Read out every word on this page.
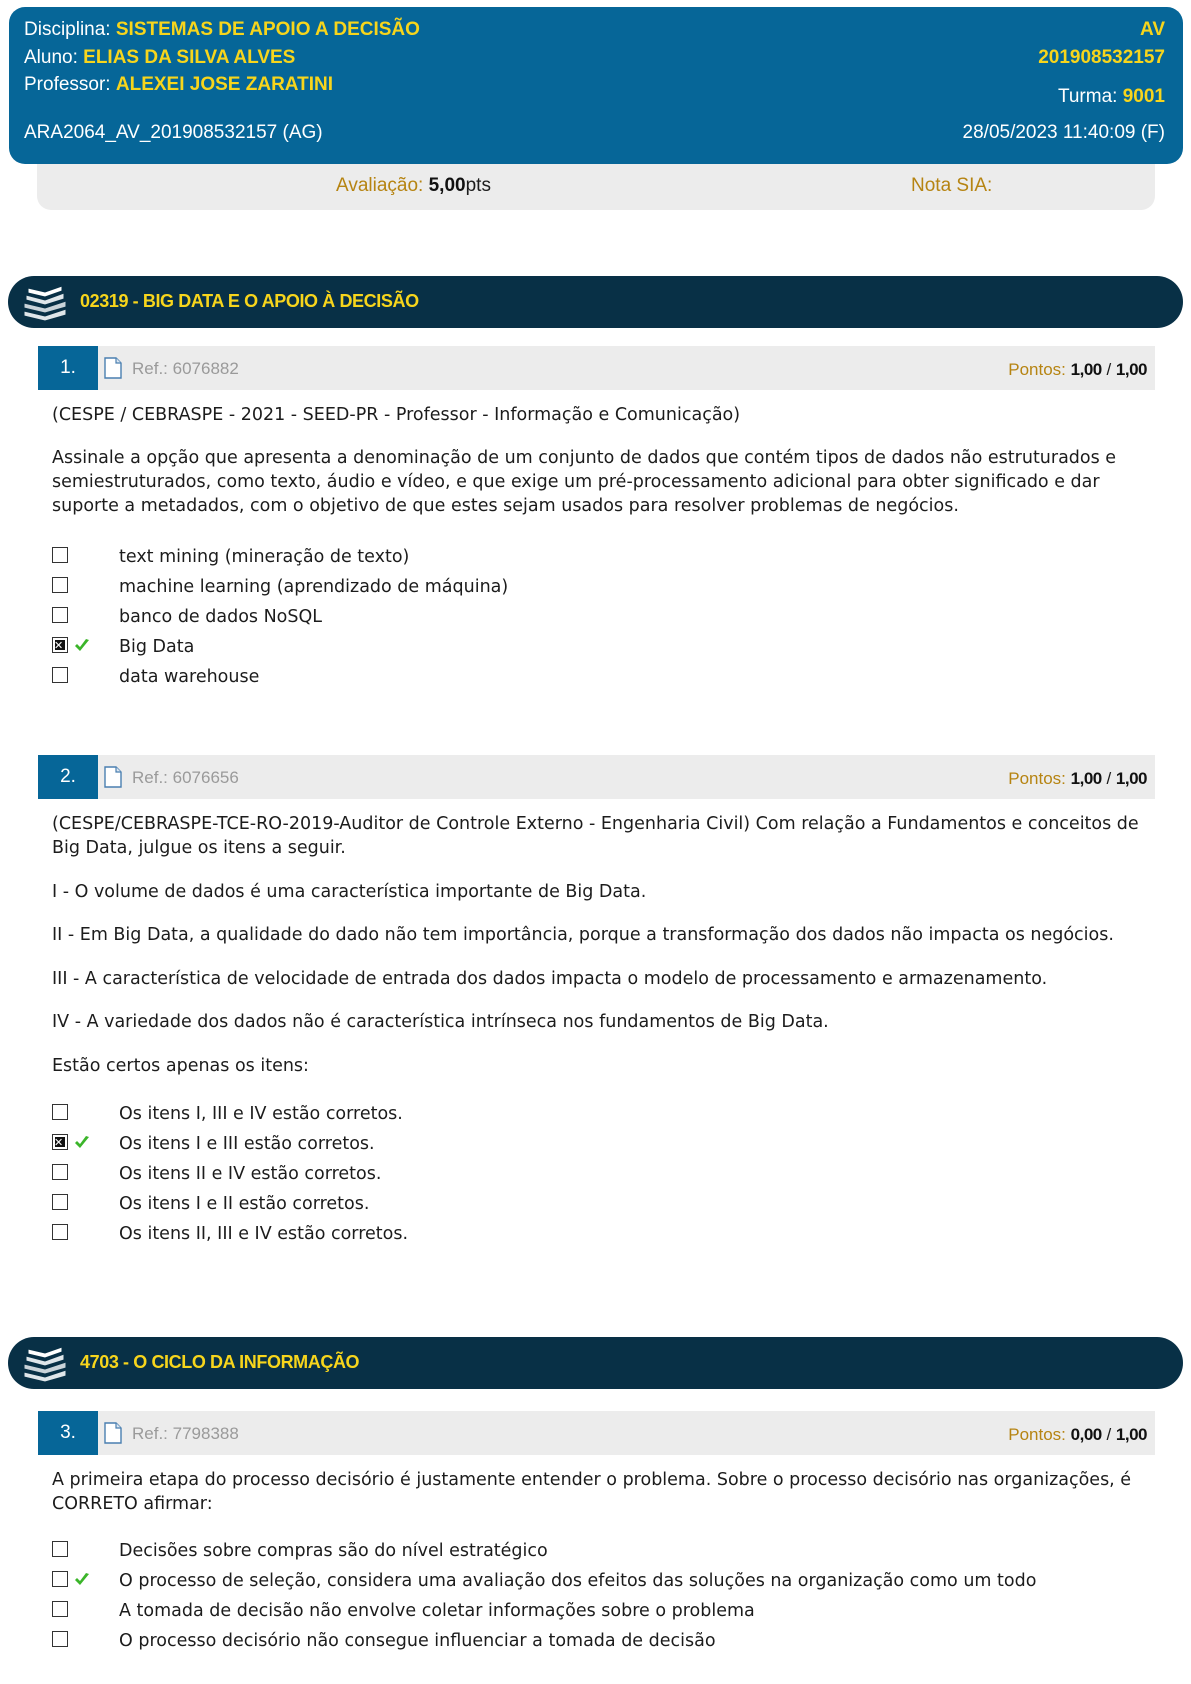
Disciplina: SISTEMAS DE APOIO A DECISÃO
Aluno: ELIAS DA SILVA ALVES
Professor: ALEXEI JOSE ZARATINI
ARA2064_AV_201908532157 (AG)
AV
201908532157
Turma: 9001
28/05/2023 11:40:09 (F)
Avaliação: 5,00pts	Nota SIA:
02319 - BIG DATA E O APOIO À DECISÃO
1.	Ref.: 6076882	Pontos: 1,00 / 1,00
(CESPE / CEBRASPE - 2021 - SEED-PR - Professor - Informação e Comunicação)
Assinale a opção que apresenta a denominação de um conjunto de dados que contém tipos de dados não estruturados e semiestruturados, como texto, áudio e vídeo, e que exige um pré-processamento adicional para obter significado e dar suporte a metadados, com o objetivo de que estes sejam usados para resolver problemas de negócios.
text mining (mineração de texto)
machine learning (aprendizado de máquina)
banco de dados NoSQL
✕
Big Data
data warehouse
2.	Ref.: 6076656	Pontos: 1,00 / 1,00
(CESPE/CEBRASPE-TCE-RO-2019-Auditor de Controle Externo - Engenharia Civil) Com relação a Fundamentos e conceitos de Big Data, julgue os itens a seguir.
I - O volume de dados é uma característica importante de Big Data.
II - Em Big Data, a qualidade do dado não tem importância, porque a transformação dos dados não impacta os negócios.
III - A característica de velocidade de entrada dos dados impacta o modelo de processamento e armazenamento.
IV - A variedade dos dados não é característica intrínseca nos fundamentos de Big Data.
Estão certos apenas os itens:
Os itens I, III e IV estão corretos.
✕
Os itens I e III estão corretos.
Os itens II e IV estão corretos.
Os itens I e II estão corretos.
Os itens II, III e IV estão corretos.
4703 - O CICLO DA INFORMAÇÃO
3.	Ref.: 7798388	Pontos: 0,00 / 1,00
A primeira etapa do processo decisório é justamente entender o problema. Sobre o processo decisório nas organizações, é CORRETO afirmar:
Decisões sobre compras são do nível estratégico
O processo de seleção, considera uma avaliação dos efeitos das soluções na organização como um todo
A tomada de decisão não envolve coletar informações sobre o problema
O processo decisório não consegue influenciar a tomada de decisão
